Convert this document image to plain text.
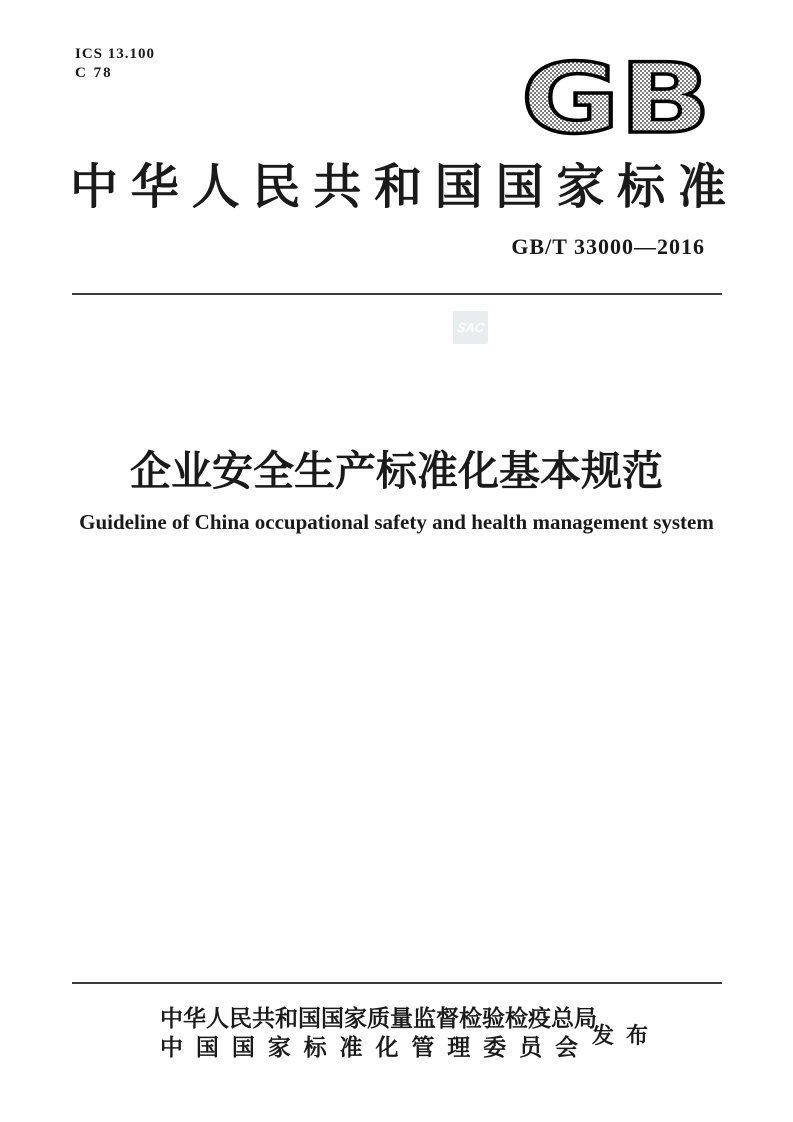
ICS 13.100
C 78	GB
中 华 人 民 共 和 国 国 家 标 准
GB/T 33000—2016
SAC
企业安全生产标准化基本规范
Guideline of China occupational safety and health management system
中 华 人 民 共 和 国 国 家 质 量 监 督 检 验 检 疫 总 局
中 国 国 家 标 准 化 管 理 委 员 会 发布
